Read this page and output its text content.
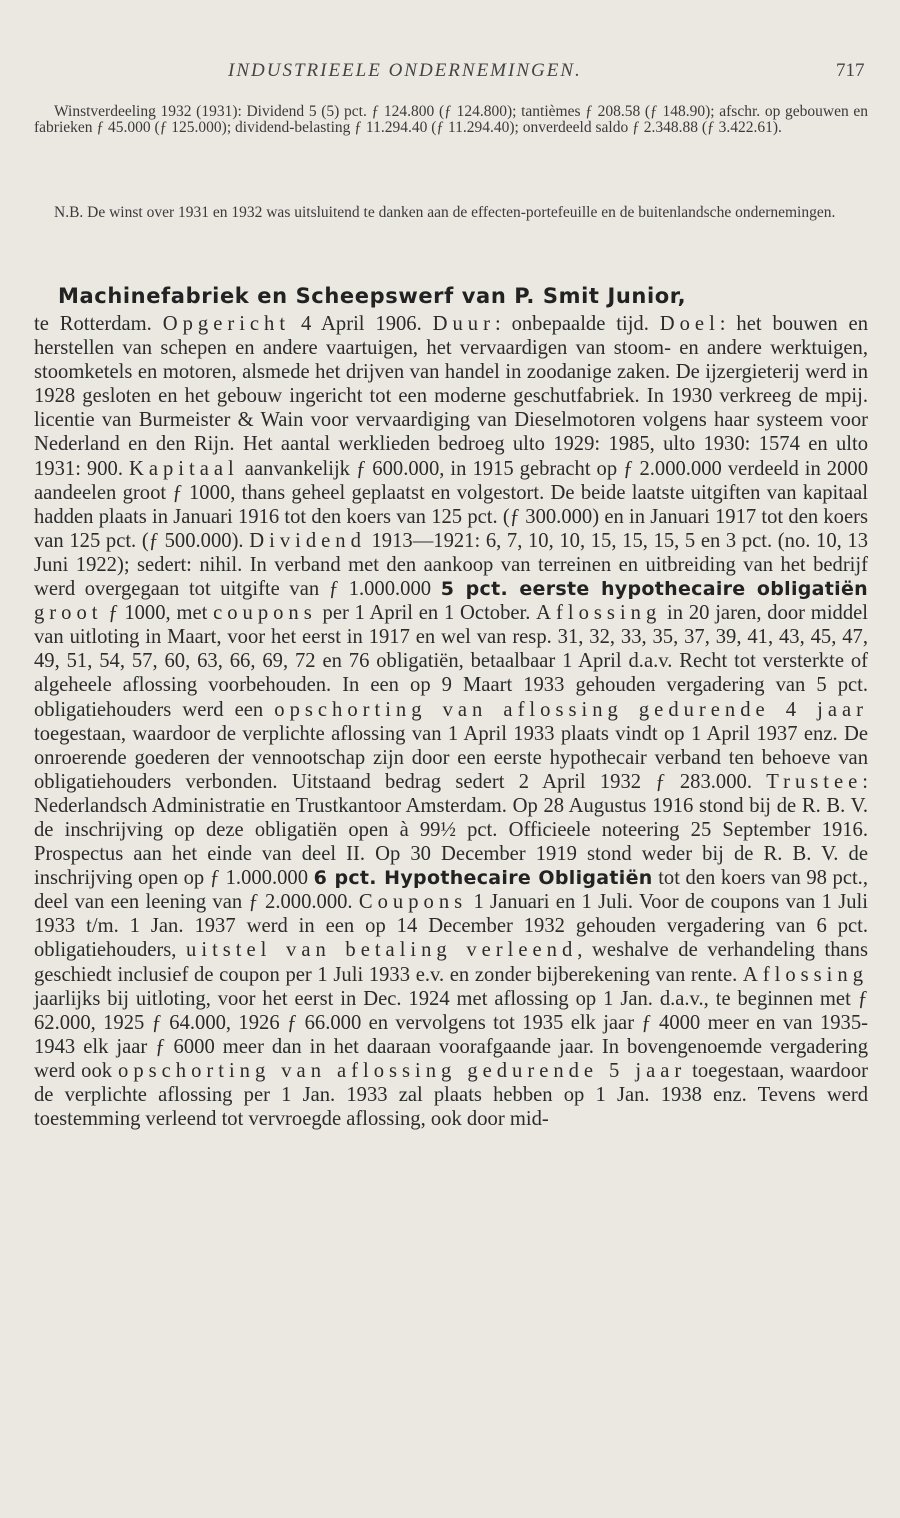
INDUSTRIEELE ONDERNEMINGEN.	717

Winstverdeeling 1932 (1931): Dividend 5 (5) pct. ƒ 124.800 (ƒ 124.800); tantièmes ƒ 208.58 (ƒ 148.90); afschr. op gebouwen en fabrieken ƒ 45.000 (ƒ 125.000); dividend-belasting ƒ 11.294.40 (ƒ 11.294.40); onverdeeld saldo ƒ 2.348.88 (ƒ 3.422.61).

N.B. De winst over 1931 en 1932 was uitsluitend te danken aan de effecten-portefeuille en de buitenlandsche ondernemingen.

Machinefabriek en Scheepswerf van P. Smit Junior,
te Rotterdam. Opgericht 4 April 1906. Duur: onbepaalde tijd. Doel: het bouwen en herstellen van schepen en andere vaartuigen, het vervaardigen van stoom- en andere werktuigen, stoomketels en motoren, alsmede het drijven van handel in zoodanige zaken. De ijzergieterij werd in 1928 gesloten en het gebouw ingericht tot een moderne geschutfabriek. In 1930 verkreeg de mpij. licentie van Burmeister & Wain voor vervaardiging van Dieselmotoren volgens haar systeem voor Nederland en den Rijn. Het aantal werklieden bedroeg ulto 1929: 1985, ulto 1930: 1574 en ulto 1931: 900. Kapitaal aanvankelijk ƒ 600.000, in 1915 gebracht op ƒ 2.000.000 verdeeld in 2000 aandeelen groot ƒ 1000, thans geheel geplaatst en volgestort. De beide laatste uitgiften van kapitaal hadden plaats in Januari 1916 tot den koers van 125 pct. (ƒ 300.000) en in Januari 1917 tot den koers van 125 pct. (ƒ 500.000). Dividend 1913—1921: 6, 7, 10, 10, 15, 15, 15, 5 en 3 pct. (no. 10, 13 Juni 1922); sedert: nihil. In verband met den aankoop van terreinen en uitbreiding van het bedrijf werd overgegaan tot uitgifte van ƒ 1.000.000 5 pct. eerste hypothecaire obligatiën groot ƒ 1000, met coupons per 1 April en 1 October. Aflossing in 20 jaren, door middel van uitloting in Maart, voor het eerst in 1917 en wel van resp. 31, 32, 33, 35, 37, 39, 41, 43, 45, 47, 49, 51, 54, 57, 60, 63, 66, 69, 72 en 76 obligatiën, betaalbaar 1 April d.a.v. Recht tot versterkte of algeheele aflossing voorbehouden. In een op 9 Maart 1933 gehouden vergadering van 5 pct. obligatiehouders werd een opschorting van aflossing gedurende 4 jaar toegestaan, waardoor de verplichte aflossing van 1 April 1933 plaats vindt op 1 April 1937 enz. De onroerende goederen der vennootschap zijn door een eerste hypothecair verband ten behoeve van obligatiehouders verbonden. Uitstaand bedrag sedert 2 April 1932 ƒ 283.000. Trustee: Nederlandsch Administratie en Trustkantoor Amsterdam. Op 28 Augustus 1916 stond bij de R. B. V. de inschrijving op deze obligatiën open à 99½ pct. Officieele noteering 25 September 1916. Prospectus aan het einde van deel II. Op 30 December 1919 stond weder bij de R. B. V. de inschrijving open op ƒ 1.000.000 6 pct. Hypothecaire Obligatiën tot den koers van 98 pct., deel van een leening van ƒ 2.000.000. Coupons 1 Januari en 1 Juli. Voor de coupons van 1 Juli 1933 t/m. 1 Jan. 1937 werd in een op 14 December 1932 gehouden vergadering van 6 pct. obligatiehouders, uitstel van betaling verleend, weshalve de verhandeling thans geschiedt inclusief de coupon per 1 Juli 1933 e.v. en zonder bijberekening van rente. Aflossing jaarlijks bij uitloting, voor het eerst in Dec. 1924 met aflossing op 1 Jan. d.a.v., te beginnen met ƒ 62.000, 1925 ƒ 64.000, 1926 ƒ 66.000 en vervolgens tot 1935 elk jaar ƒ 4000 meer en van 1935-1943 elk jaar ƒ 6000 meer dan in het daaraan voorafgaande jaar. In bovengenoemde vergadering werd ook opschorting van aflossing gedurende 5 jaar toegestaan, waardoor de verplichte aflossing per 1 Jan. 1933 zal plaats hebben op 1 Jan. 1938 enz. Tevens werd toestemming verleend tot vervroegde aflossing, ook door mid-
